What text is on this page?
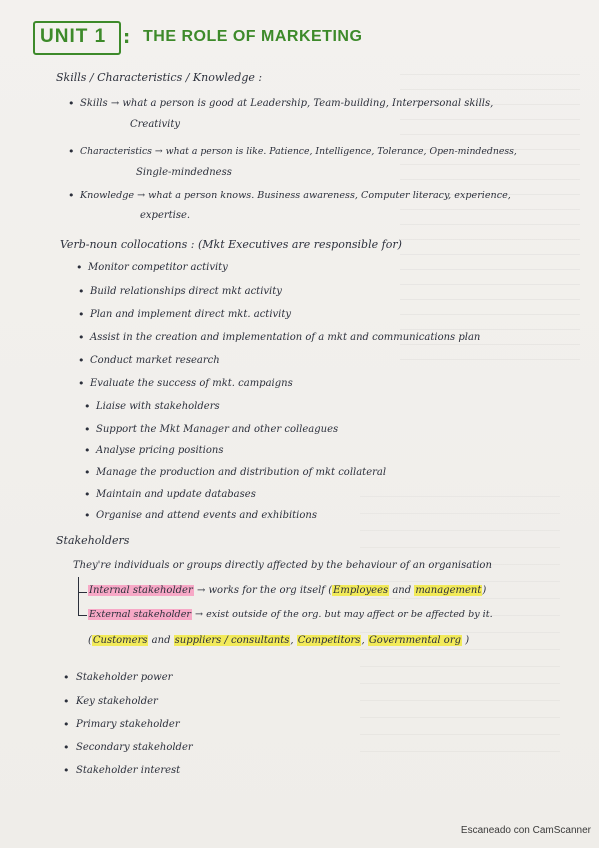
UNIT 1 : THE ROLE OF MARKETING
Skills / Characteristics / Knowledge :
• Skills → what a person is good at Leadership, Team-building, Interpersonal skills,
Creativity
• Characteristics → what a person is like. Patience, Intelligence, Tolerance, Open-mindedness,
Single-mindedness
• Knowledge → what a person knows. Business awareness, Computer literacy, experience,
expertise.
Verb-noun collocations : (Mkt Executives are responsible for)
• Monitor competitor activity
• Build relationships direct mkt activity
• Plan and implement direct mkt. activity
• Assist in the creation and implementation of a mkt and communications plan
• Conduct market research
• Evaluate the success of mkt. campaigns
• Liaise with stakeholders
• Support the Mkt Manager and other colleagues
• Analyse pricing positions
• Manage the production and distribution of mkt collateral
• Maintain and update databases
• Organise and attend events and exhibitions
Stakeholders
They're individuals or groups directly affected by the behaviour of an organisation
Internal stakeholder → works for the org itself (Employees and management)
External stakeholder → exist outside of the org. but may affect or be affected by it.
(Customers and suppliers / consultants, Competitors, Governmental org )
• Stakeholder power
• Key stakeholder
• Primary stakeholder
• Secondary stakeholder
• Stakeholder interest
Escaneado con CamScanner
